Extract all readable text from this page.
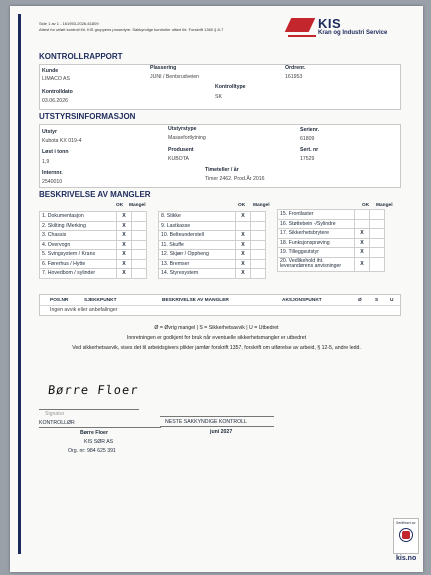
Side 1 av 1 - 161953-2026-61809
Attest for utført kontroll iht. KIS gruppens prosedyre. Sakkyndige kontroller utført iht. Forskrift 1360 § 8-7	KIS
Kran og Industri Service
KONTROLLRAPPORT
Kunde
LIMACO AS
Plassering
JUNI / Bentsrudveien
Ordrenr.
161953
Kontrolldato
03.06.2026
Kontrolltype
SK
UTSTYRSINFORMASJON
Utstyr
Kubota KX 019-4
Utstyrstype
Massefortlytning
Serienr.
61809
Løst i tonn
1,9
Produsent
KUBOTA
Sert. nr
17529
Internnr.
2540010
Timeteller / år
Timer 2462. Prod.År 2016
BESKRIVELSE AV MANGLER
OK Mangel	OK Mangel	OK Mangel
1. Dokumentasjon	X	
2. Skilting /Merking	X	
3. Chassis	X	
4. Overvogn	X	
5. Svingsystem / Krans	X	
6. Førerhus / Hytte	X	
7. Hovedbom / sylinder	X	
8. Stikke	X	
9. Lastkasse		
10. Belteunderstell	X	
11. Skuffe	X	
12. Skjær / Oppheng	X	
13. Bremser	X	
14. Styresystem	X	
15. Frontlaster		
16. Støttebein -/Sylindre		
17. Sikkerhetsbrytere	X	
18. Funksjonsprøving	X	
19. Tilleggsutstyr	X	
20. Vedlikehold iht. leverandørens anvisninger	X	
POS.NR	SJEKKPUNKT	BESKRIVELSE AV MANGLER	AKSJONSPUNKT	Ø	S U
Ingen avvik eller anbefalinger
Ø = Øvrig mangel | S = Sikkerhetsavvik | U = Utbedret
Innretningen er godkjent for bruk når eventuelle sikkerhetsmangler er utbedret
Ved sikkerhetsavvik, vises det til arbeidsgivers plikter jamfør forskrift 1357, forskrift om utførelse av arbeid, § 12-5, andre ledd.
Børre Floer
Signatur
KONTROLLØR
Børre Floer
KIS SØR AS
Org. nr: 984 625 391
NESTE SAKKYNDIGE KONTROLL
juni 2027
Sertifisert av
kis.no
